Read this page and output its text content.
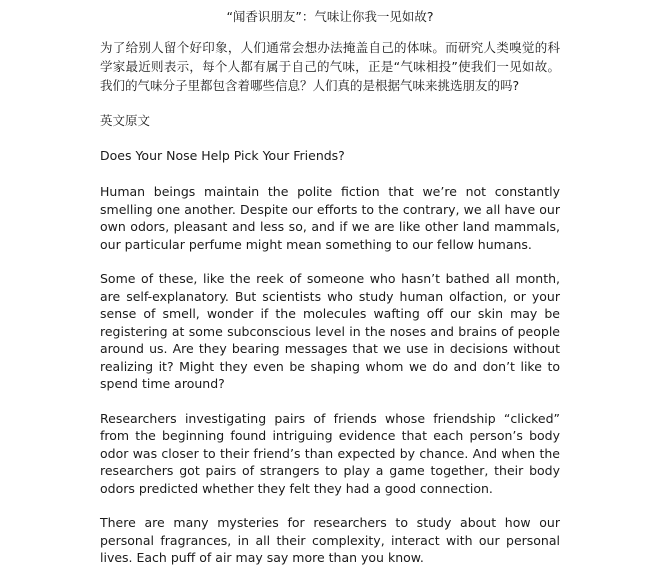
“闻香识朋友”：气味让你我一见如故?

为了给别人留个好印象，人们通常会想办法掩盖自己的体味。而研究人类嗅觉的科学家最近则表示，每个人都有属于自己的气味，正是“气味相投”使我们一见如故。我们的气味分子里都包含着哪些信息？人们真的是根据气味来挑选朋友的吗?

英文原文
Does Your Nose Help Pick Your Friends?

Human beings maintain the polite fiction that we’re not constantly smelling one another. Despite our efforts to the contrary, we all have our own odors, pleasant and less so, and if we are like other land mammals, our particular perfume might mean something to our fellow humans.

Some of these, like the reek of someone who hasn’t bathed all month, are self-explanatory. But scientists who study human olfaction, or your sense of smell, wonder if the molecules wafting off our skin may be registering at some subconscious level in the noses and brains of people around us. Are they bearing messages that we use in decisions without realizing it? Might they even be shaping whom we do and don’t like to spend time around?

Researchers investigating pairs of friends whose friendship “clicked” from the beginning found intriguing evidence that each person’s body odor was closer to their friend’s than expected by chance. And when the researchers got pairs of strangers to play a game together, their body odors predicted whether they felt they had a good connection.

There are many mysteries for researchers to study about how our personal fragrances, in all their complexity, interact with our personal lives. Each puff of air may say more than you know.
